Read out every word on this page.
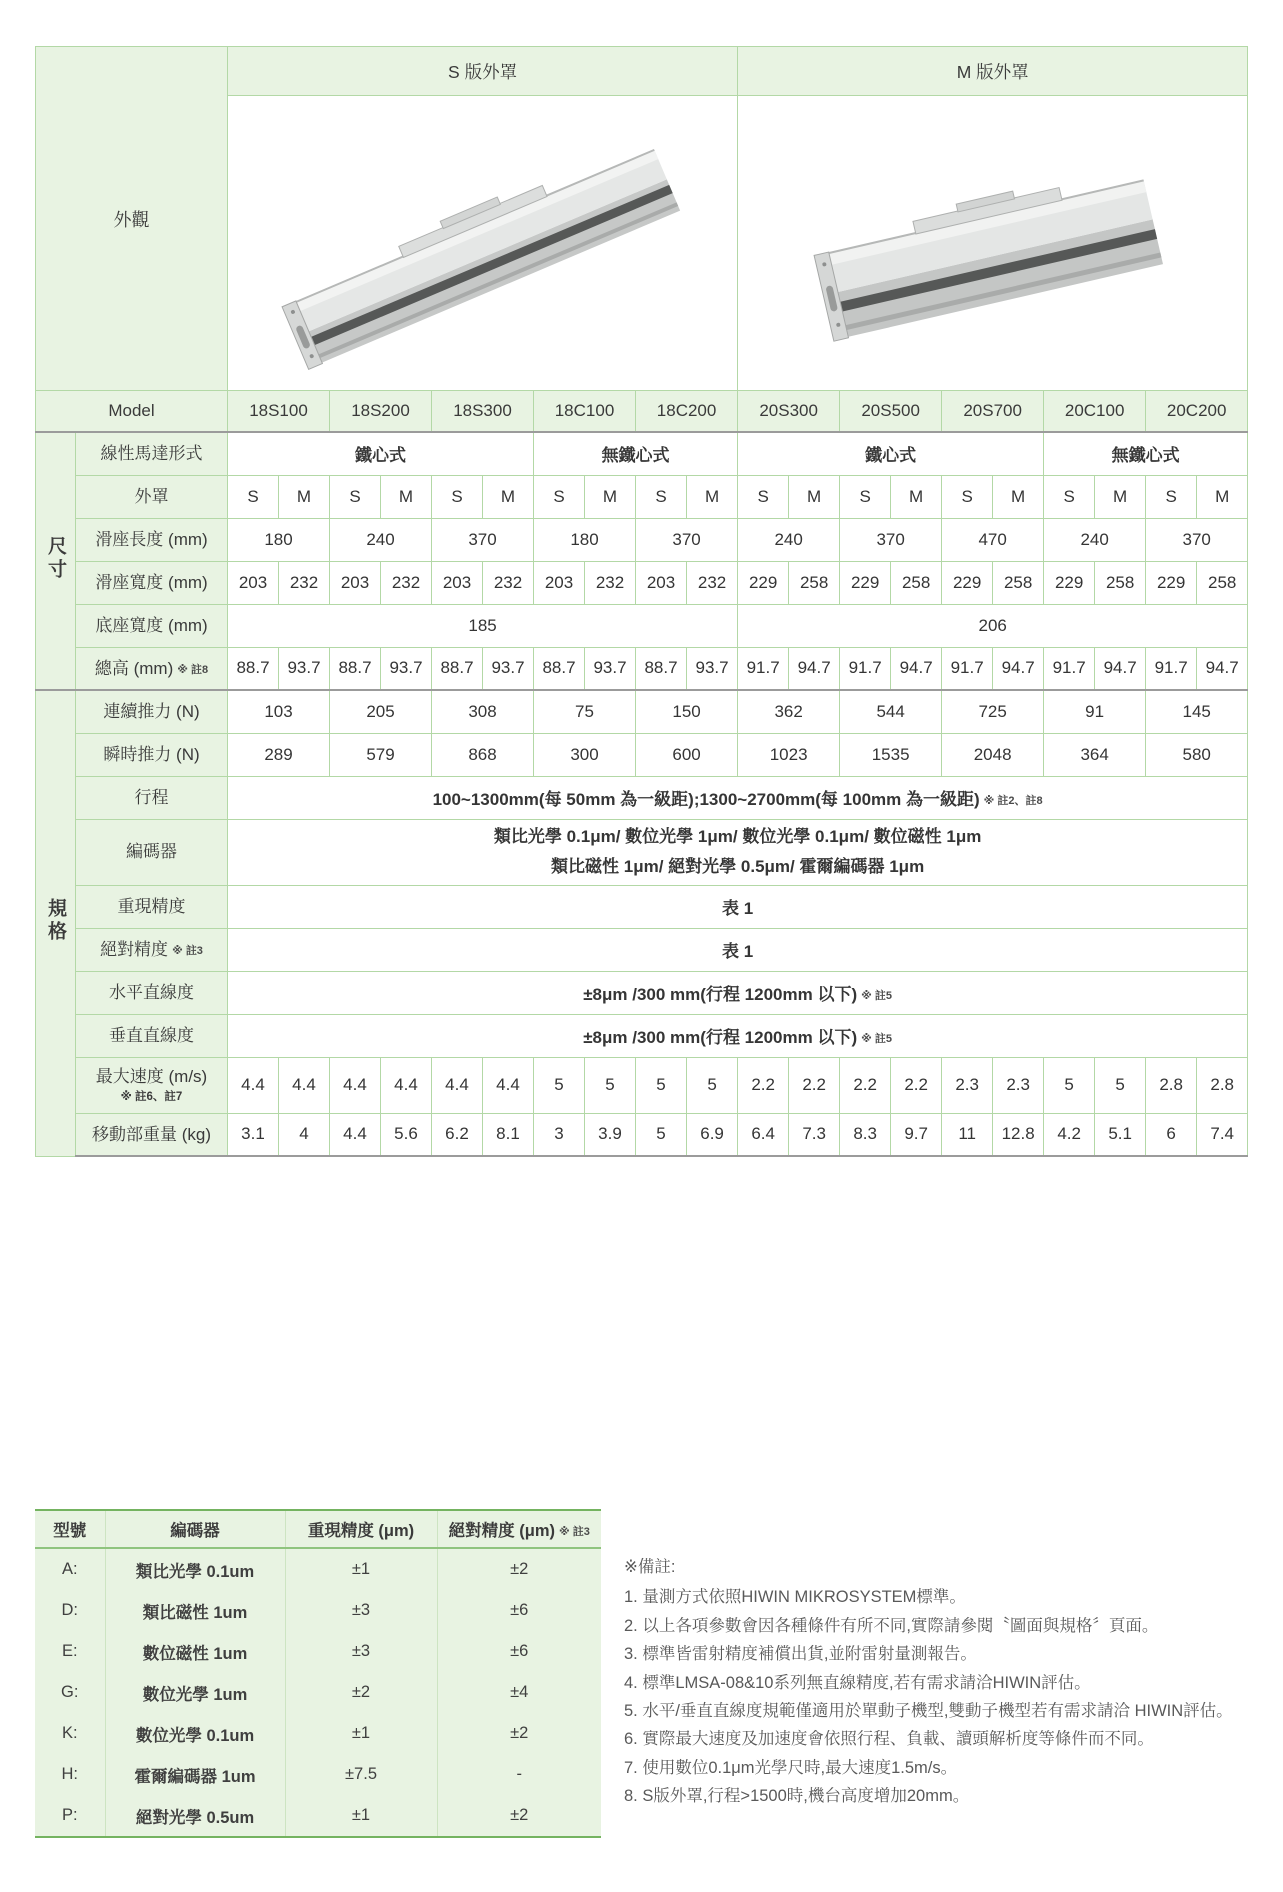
外觀		S 版外罩										M 版外罩									

Model		18S100		18S200		18S300		18C100		18C200		20S300		20S500		20S700		20C100		20C200	
尺寸	線性馬達形式	鐵心式						無鐵心式				鐵心式						無鐵心式			
	外罩	S	M	S	M	S	M	S	M	S	M	S	M	S	M	S	M	S	M	S	M
	滑座長度 (mm)	180		240		370		180		370		240		370		470		240		370	
	滑座寬度 (mm)	203	232	203	232	203	232	203	232	203	232	229	258	229	258	229	258	229	258	229	258
	底座寬度 (mm)	185										206									
	總高 (mm) ※ 註8	88.7	93.7	88.7	93.7	88.7	93.7	88.7	93.7	88.7	93.7	91.7	94.7	91.7	94.7	91.7	94.7	91.7	94.7	91.7	94.7
規格	連續推力 (N)	103		205		308		75		150		362		544		725		91		145	
	瞬時推力 (N)	289		579		868		300		600		1023		1535		2048		364		580	
	行程	100~1300mm(每 50mm 為一級距);1300~2700mm(每 100mm 為一級距) ※ 註2、註8																			
	編碼器	類比光學 0.1μm/ 數位光學 1μm/ 數位光學 0.1μm/ 數位磁性 1μm
類比磁性 1μm/ 絕對光學 0.5μm/ 霍爾編碼器 1μm																			

	重現精度	表 1																			
	絕對精度 ※ 註3	表 1																			
	水平直線度	±8μm /300 mm(行程 1200mm 以下) ※ 註5																			
	垂直直線度	±8μm /300 mm(行程 1200mm 以下) ※ 註5																			
	最大速度 (m/s)
※ 註6、註7	4.4	4.4	4.4	4.4	4.4	4.4	5	5	5	5	2.2	2.2	2.2	2.2	2.3	2.3	5	5	2.8	2.8
	移動部重量 (kg)	3.1	4	4.4	5.6	6.2	8.1	3	3.9	5	6.9	6.4	7.3	8.3	9.7	11	12.8	4.2	5.1	6	7.4
型號	編碼器	重現精度 (μm)	絕對精度 (μm) ※ 註3
A:	類比光學 0.1um	±1	±2
D:	類比磁性 1um	±3	±6
E:	數位磁性 1um	±3	±6
G:	數位光學 1um	±2	±4
K:	數位光學 0.1um	±1	±2
H:	霍爾編碼器 1um	±7.5	-
P:	絕對光學 0.5um	±1	±2
※備註:
1. 量測方式依照HIWIN MIKROSYSTEM標準。
2. 以上各項參數會因各種條件有所不同,實際請參閱〝圖面與規格〞頁面。
3. 標準皆雷射精度補償出貨,並附雷射量測報告。
4. 標準LMSA-08&10系列無直線精度,若有需求請洽HIWIN評估。
5. 水平/垂直直線度規範僅適用於單動子機型,雙動子機型若有需求請洽 HIWIN評估。
6. 實際最大速度及加速度會依照行程、負載、讀頭解析度等條件而不同。
7. 使用數位0.1μm光學尺時,最大速度1.5m/s。
8. S版外罩,行程>1500時,機台高度增加20mm。
